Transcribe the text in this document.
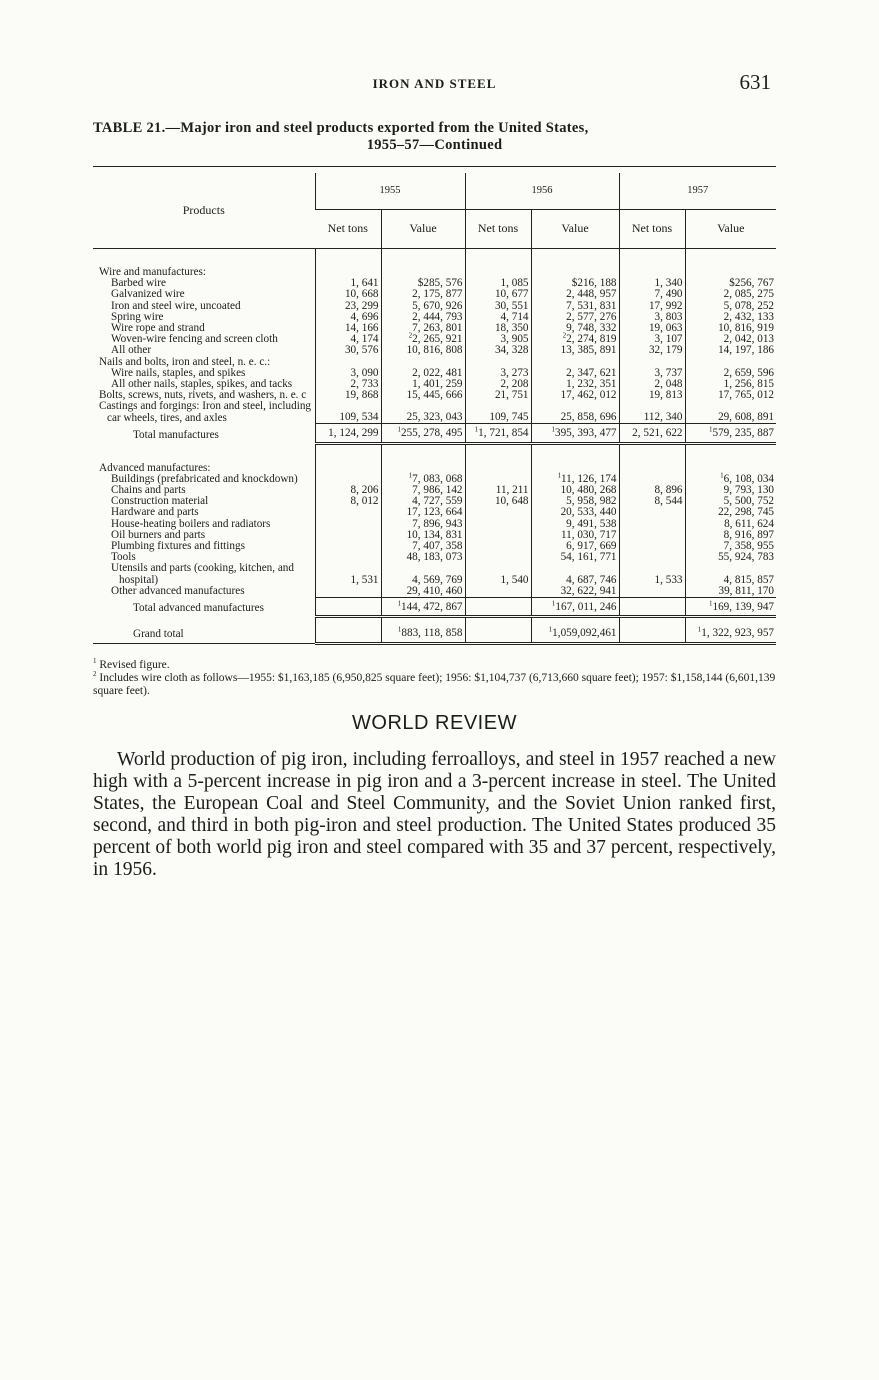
IRON AND STEEL	631
TABLE 21.—Major iron and steel products exported from the United States,
1955–57—Continued
Products	1955		1956		1957	
	Net tons	Value	Net tons	Value	Net tons	Value

Wire and manufactures:						
Barbed wire	1, 641	$285, 576	1, 085	$216, 188	1, 340	$256, 767
Galvanized wire	10, 668	2, 175, 877	10, 677	2, 448, 957	7, 490	2, 085, 275
Iron and steel wire, uncoated	23, 299	5, 670, 926	30, 551	7, 531, 831	17, 992	5, 078, 252
Spring wire	4, 696	2, 444, 793	4, 714	2, 577, 276	3, 803	2, 432, 133
Wire rope and strand	14, 166	7, 263, 801	18, 350	9, 748, 332	19, 063	10, 816, 919
Woven-wire fencing and screen cloth	4, 174	$^2$2, 265, 921	3, 905	$^2$2, 274, 819	3, 107	2, 042, 013
All other	30, 576	10, 816, 808	34, 328	13, 385, 891	32, 179	14, 197, 186
Nails and bolts, iron and steel, n. e. c.:						
Wire nails, staples, and spikes	3, 090	2, 022, 481	3, 273	2, 347, 621	3, 737	2, 659, 596
All other nails, staples, spikes, and tacks	2, 733	1, 401, 259	2, 208	1, 232, 351	2, 048	1, 256, 815
Bolts, screws, nuts, rivets, and washers, n. e. c	19, 868	15, 445, 666	21, 751	17, 462, 012	19, 813	17, 765, 012
Castings and forgings: Iron and steel, including car wheels, tires, and axles	109, 534	25, 323, 043	109, 745	25, 858, 696	112, 340	29, 608, 891
Total manufactures	1, 124, 299	$^1$255, 278, 495	$^1$1, 721, 854	$^1$395, 393, 477	2, 521, 622	$^1$579, 235, 887

Advanced manufactures:						
Buildings (prefabricated and knockdown)		$^1$7, 083, 068		$^1$11, 126, 174		$^1$6, 108, 034
Chains and parts	8, 206	7, 986, 142	11, 211	10, 480, 268	8, 896	9, 793, 130
Construction material	8, 012	4, 727, 559	10, 648	5, 958, 982	8, 544	5, 500, 752
Hardware and parts		17, 123, 664		20, 533, 440		22, 298, 745
House-heating boilers and radiators		7, 896, 943		9, 491, 538		8, 611, 624
Oil burners and parts		10, 134, 831		11, 030, 717		8, 916, 897
Plumbing fixtures and fittings		7, 407, 358		6, 917, 669		7, 358, 955
Tools		48, 183, 073		54, 161, 771		55, 924, 783
Utensils and parts (cooking, kitchen, and hospital)	1, 531	4, 569, 769	1, 540	4, 687, 746	1, 533	4, 815, 857
Other advanced manufactures		29, 410, 460		32, 622, 941		39, 811, 170
Total advanced manufactures		$^1$144, 472, 867		$^1$167, 011, 246		$^1$169, 139, 947
Grand total		$^1$883, 118, 858		$^1$1,059,092,461		$^1$1, 322, 923, 957

$^1$ Revised figure.

$^2$ Includes wire cloth as follows—1955: $1,163,185 (6,950,825 square feet); 1956: $1,104,737 (6,713,660 square feet); 1957: $1,158,144 (6,601,139 square feet).

WORLD REVIEW
World production of pig iron, including ferroalloys, and steel in 1957 reached a new high with a 5-percent increase in pig iron and a 3-percent increase in steel. The United States, the European Coal and Steel Community, and the Soviet Union ranked first, second, and third in both pig-iron and steel production. The United States produced 35 percent of both world pig iron and steel compared with 35 and 37 percent, respectively, in 1956.
